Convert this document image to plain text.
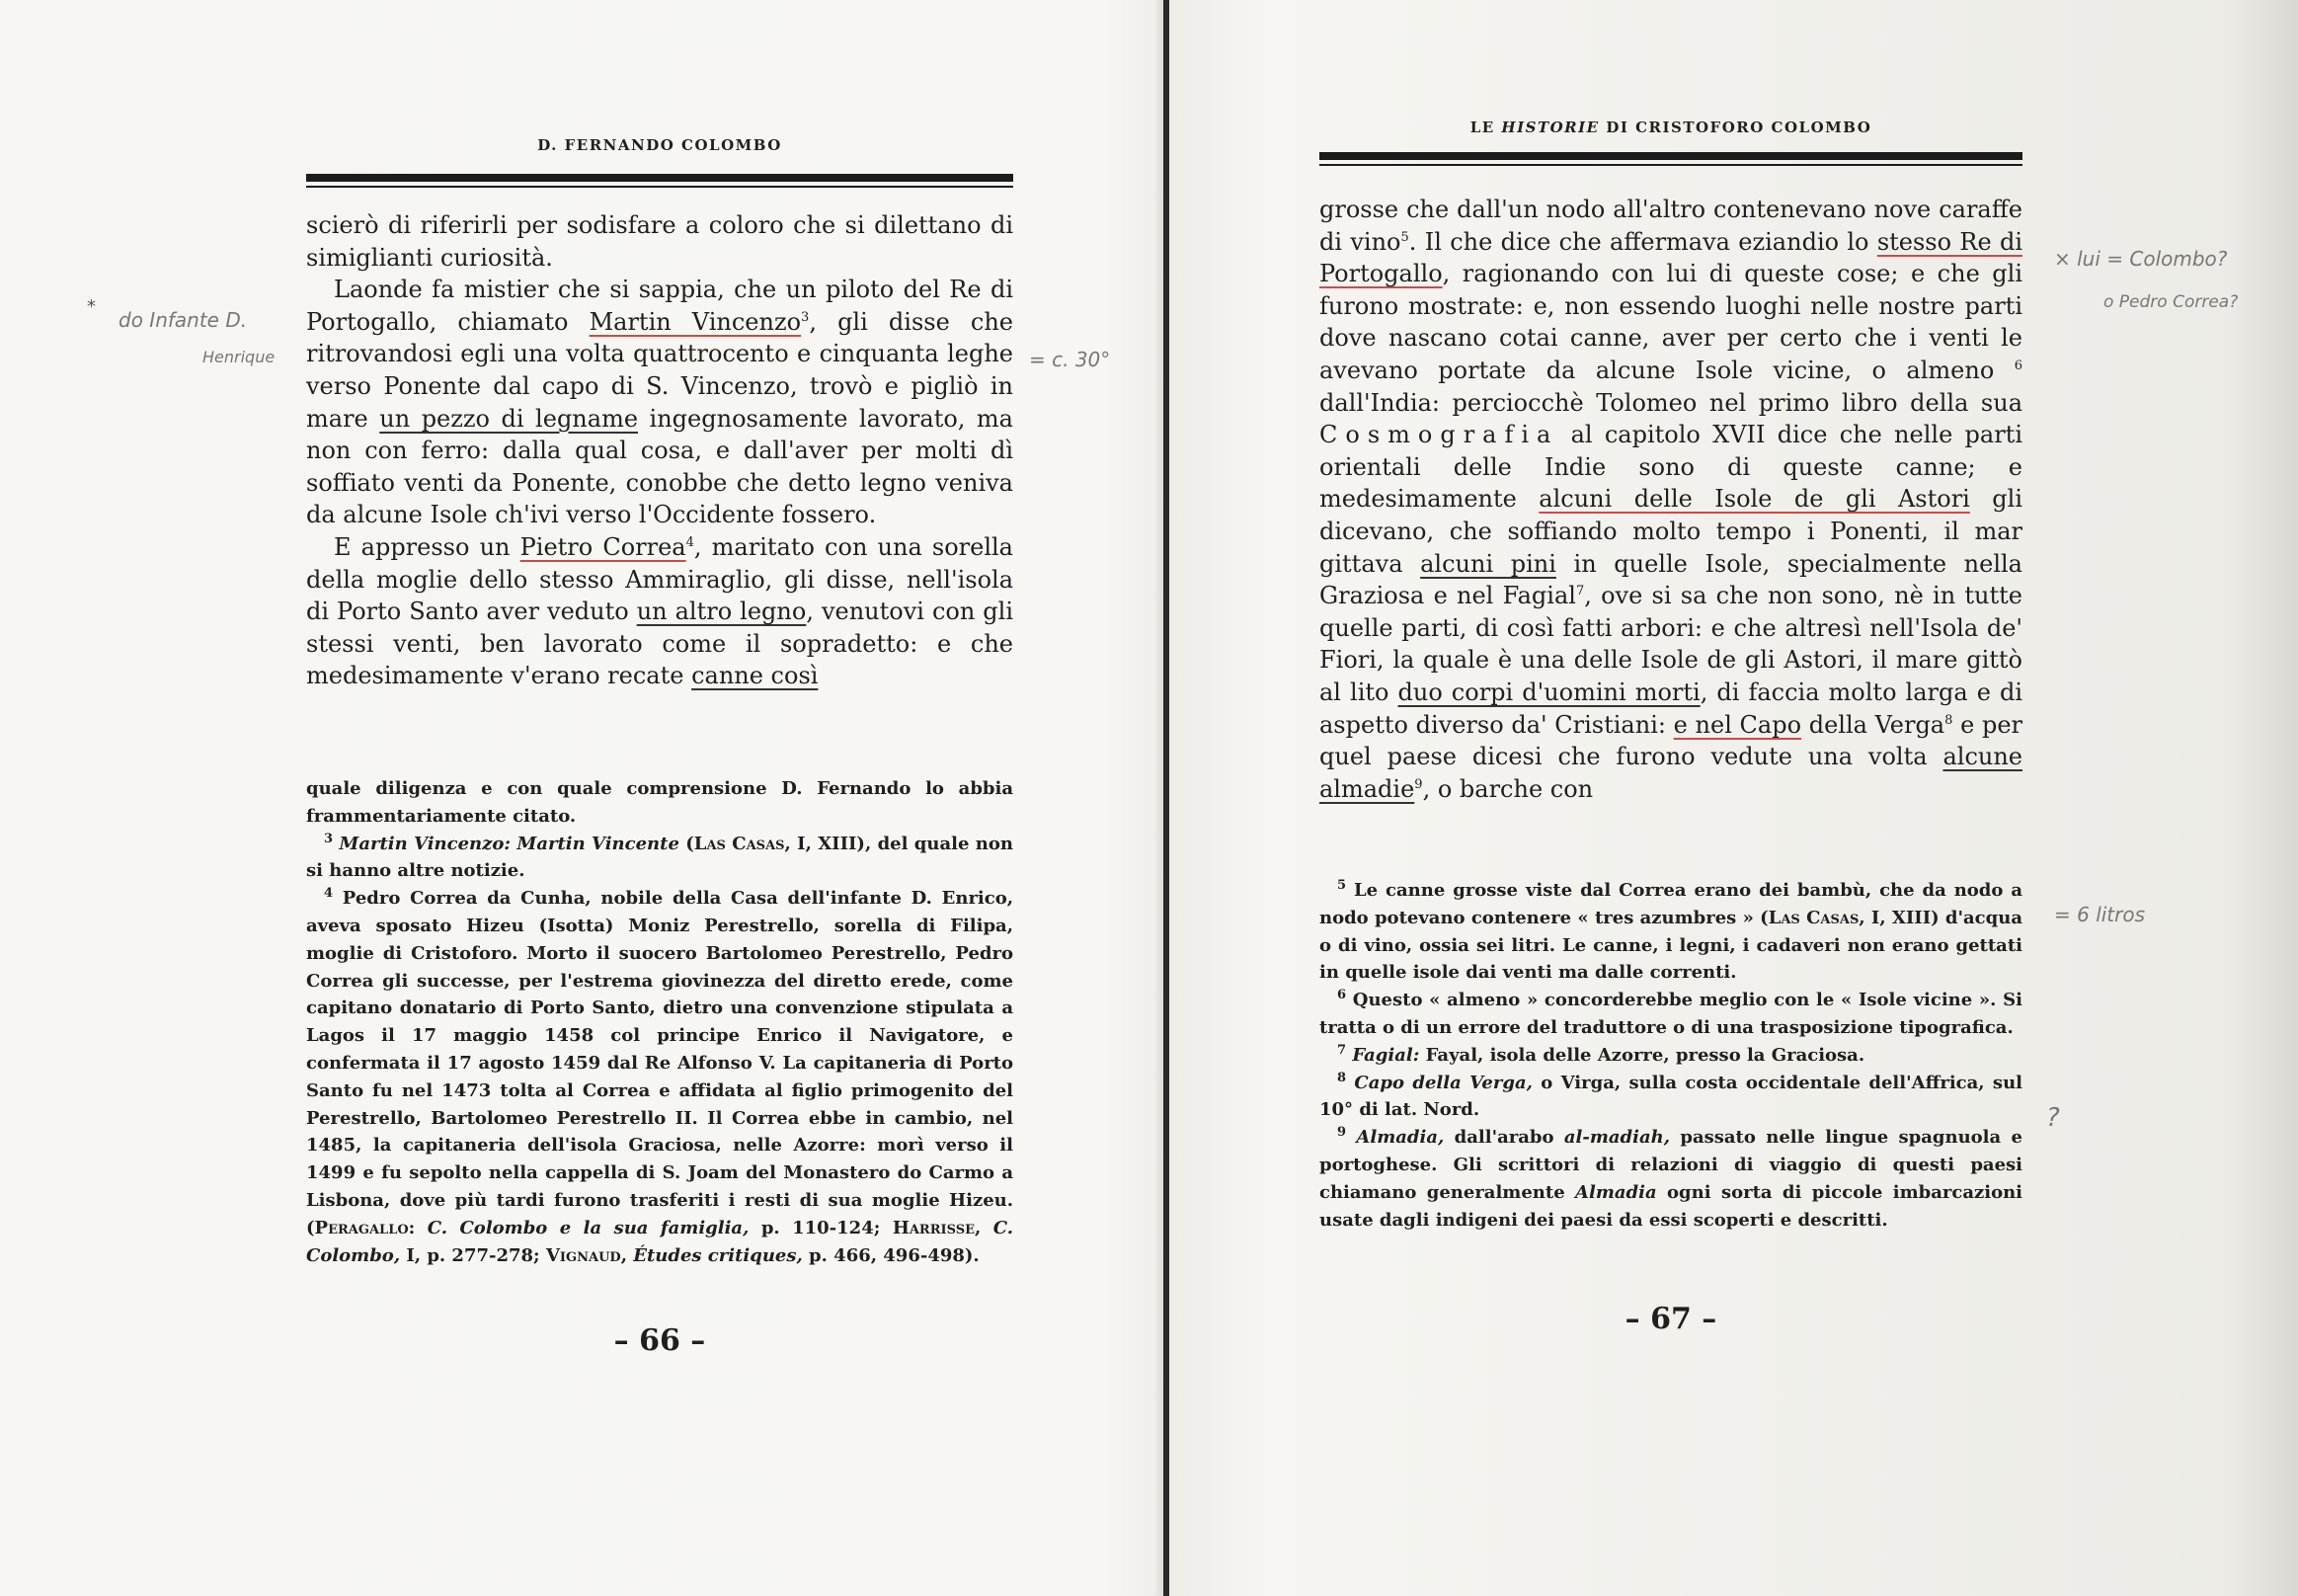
D. FERNANDO COLOMBO

scierò di riferirli per sodisfare a coloro che si dilettano di simiglianti curiosità.

Laonde fa mistier che si sappia, che un piloto del Re di Portogallo, chiamato Martin Vincenzo$^3$, gli disse che ritrovandosi egli una volta quattrocento e cinquanta leghe verso Ponente dal capo di S. Vincenzo, trovò e pigliò in mare un pezzo di legname ingegnosamente lavorato, ma non con ferro: dalla qual cosa, e dall'aver per molti dì soffiato venti da Ponente, conobbe che detto legno veniva da alcune Isole ch'ivi verso l'Occidente fossero.

E appresso un Pietro Correa$^4$, maritato con una sorella della moglie dello stesso Ammiraglio, gli disse, nell'isola di Porto Santo aver veduto un altro legno, venutovi con gli stessi venti, ben lavorato come il sopradetto: e che medesimamente v'erano recate canne così

quale diligenza e con quale comprensione D. Fernando lo abbia frammentariamente citato.

$^3$ Martin Vincenzo: Martin Vincente (Las Casas, I, XIII), del quale non si hanno altre notizie.

$^4$ Pedro Correa da Cunha, nobile della Casa dell'infante D. Enrico, aveva sposato Hizeu (Isotta) Moniz Perestrello, sorella di Filipa, moglie di Cristoforo. Morto il suocero Bartolomeo Perestrello, Pedro Correa gli successe, per l'estrema giovinezza del diretto erede, come capitano donatario di Porto Santo, dietro una convenzione stipulata a Lagos il 17 maggio 1458 col principe Enrico il Navigatore, e confermata il 17 agosto 1459 dal Re Alfonso V. La capitaneria di Porto Santo fu nel 1473 tolta al Correa e affidata al figlio primogenito del Perestrello, Bartolomeo Perestrello II. Il Correa ebbe in cambio, nel 1485, la capitaneria dell'isola Graciosa, nelle Azorre: morì verso il 1499 e fu sepolto nella cappella di S. Joam del Monastero do Carmo a Lisbona, dove più tardi furono trasferiti i resti di sua moglie Hizeu. (Peragallo: C. Colombo e la sua famiglia, p. 110-124; Harrisse, C. Colombo, I, p. 277-278; Vignaud, Études critiques, p. 466, 496-498).

– 66 –
do Infante D.
Henrique	= c. 30°
*
LE HISTORIE DI CRISTOFORO COLOMBO

grosse che dall'un nodo all'altro contenevano nove caraffe di vino$^5$. Il che dice che affermava eziandio lo stesso Re di Portogallo, ragionando con lui di queste cose; e che gli furono mostrate: e, non essendo luoghi nelle nostre parti dove nascano cotai canne, aver per certo che i venti le avevano portate da alcune Isole vicine, o almeno $^6$ dall'India: perciocchè Tolomeo nel primo libro della sua Cosmografia al capitolo XVII dice che nelle parti orientali delle Indie sono di queste canne; e medesimamente alcuni delle Isole de gli Astori gli dicevano, che soffiando molto tempo i Ponenti, il mar gittava alcuni pini in quelle Isole, specialmente nella Graziosa e nel Fagial$^7$, ove si sa che non sono, nè in tutte quelle parti, di così fatti arbori: e che altresì nell'Isola de' Fiori, la quale è una delle Isole de gli Astori, il mare gittò al lito duo corpi d'uomini morti, di faccia molto larga e di aspetto diverso da' Cristiani: e nel Capo della Verga$^8$ e per quel paese dicesi che furono vedute una volta alcune almadie$^9$, o barche con

$^5$ Le canne grosse viste dal Correa erano dei bambù, che da nodo a nodo potevano contenere « tres azumbres » (Las Casas, I, XIII) d'acqua o di vino, ossia sei litri. Le canne, i legni, i cadaveri non erano gettati in quelle isole dai venti ma dalle correnti.

$^6$ Questo « almeno » concorderebbe meglio con le « Isole vicine ». Si tratta o di un errore del traduttore o di una trasposizione tipografica.

$^7$ Fagial: Fayal, isola delle Azorre, presso la Graciosa.

$^8$ Capo della Verga, o Virga, sulla costa occidentale dell'Affrica, sul 10° di lat. Nord.

$^9$ Almadia, dall'arabo al-madiah, passato nelle lingue spagnuola e portoghese. Gli scrittori di relazioni di viaggio di questi paesi chiamano generalmente Almadia ogni sorta di piccole imbarcazioni usate dagli indigeni dei paesi da essi scoperti e descritti.

– 67 –
× lui = Colombo?
o Pedro Correa?
= 6 litros
?
